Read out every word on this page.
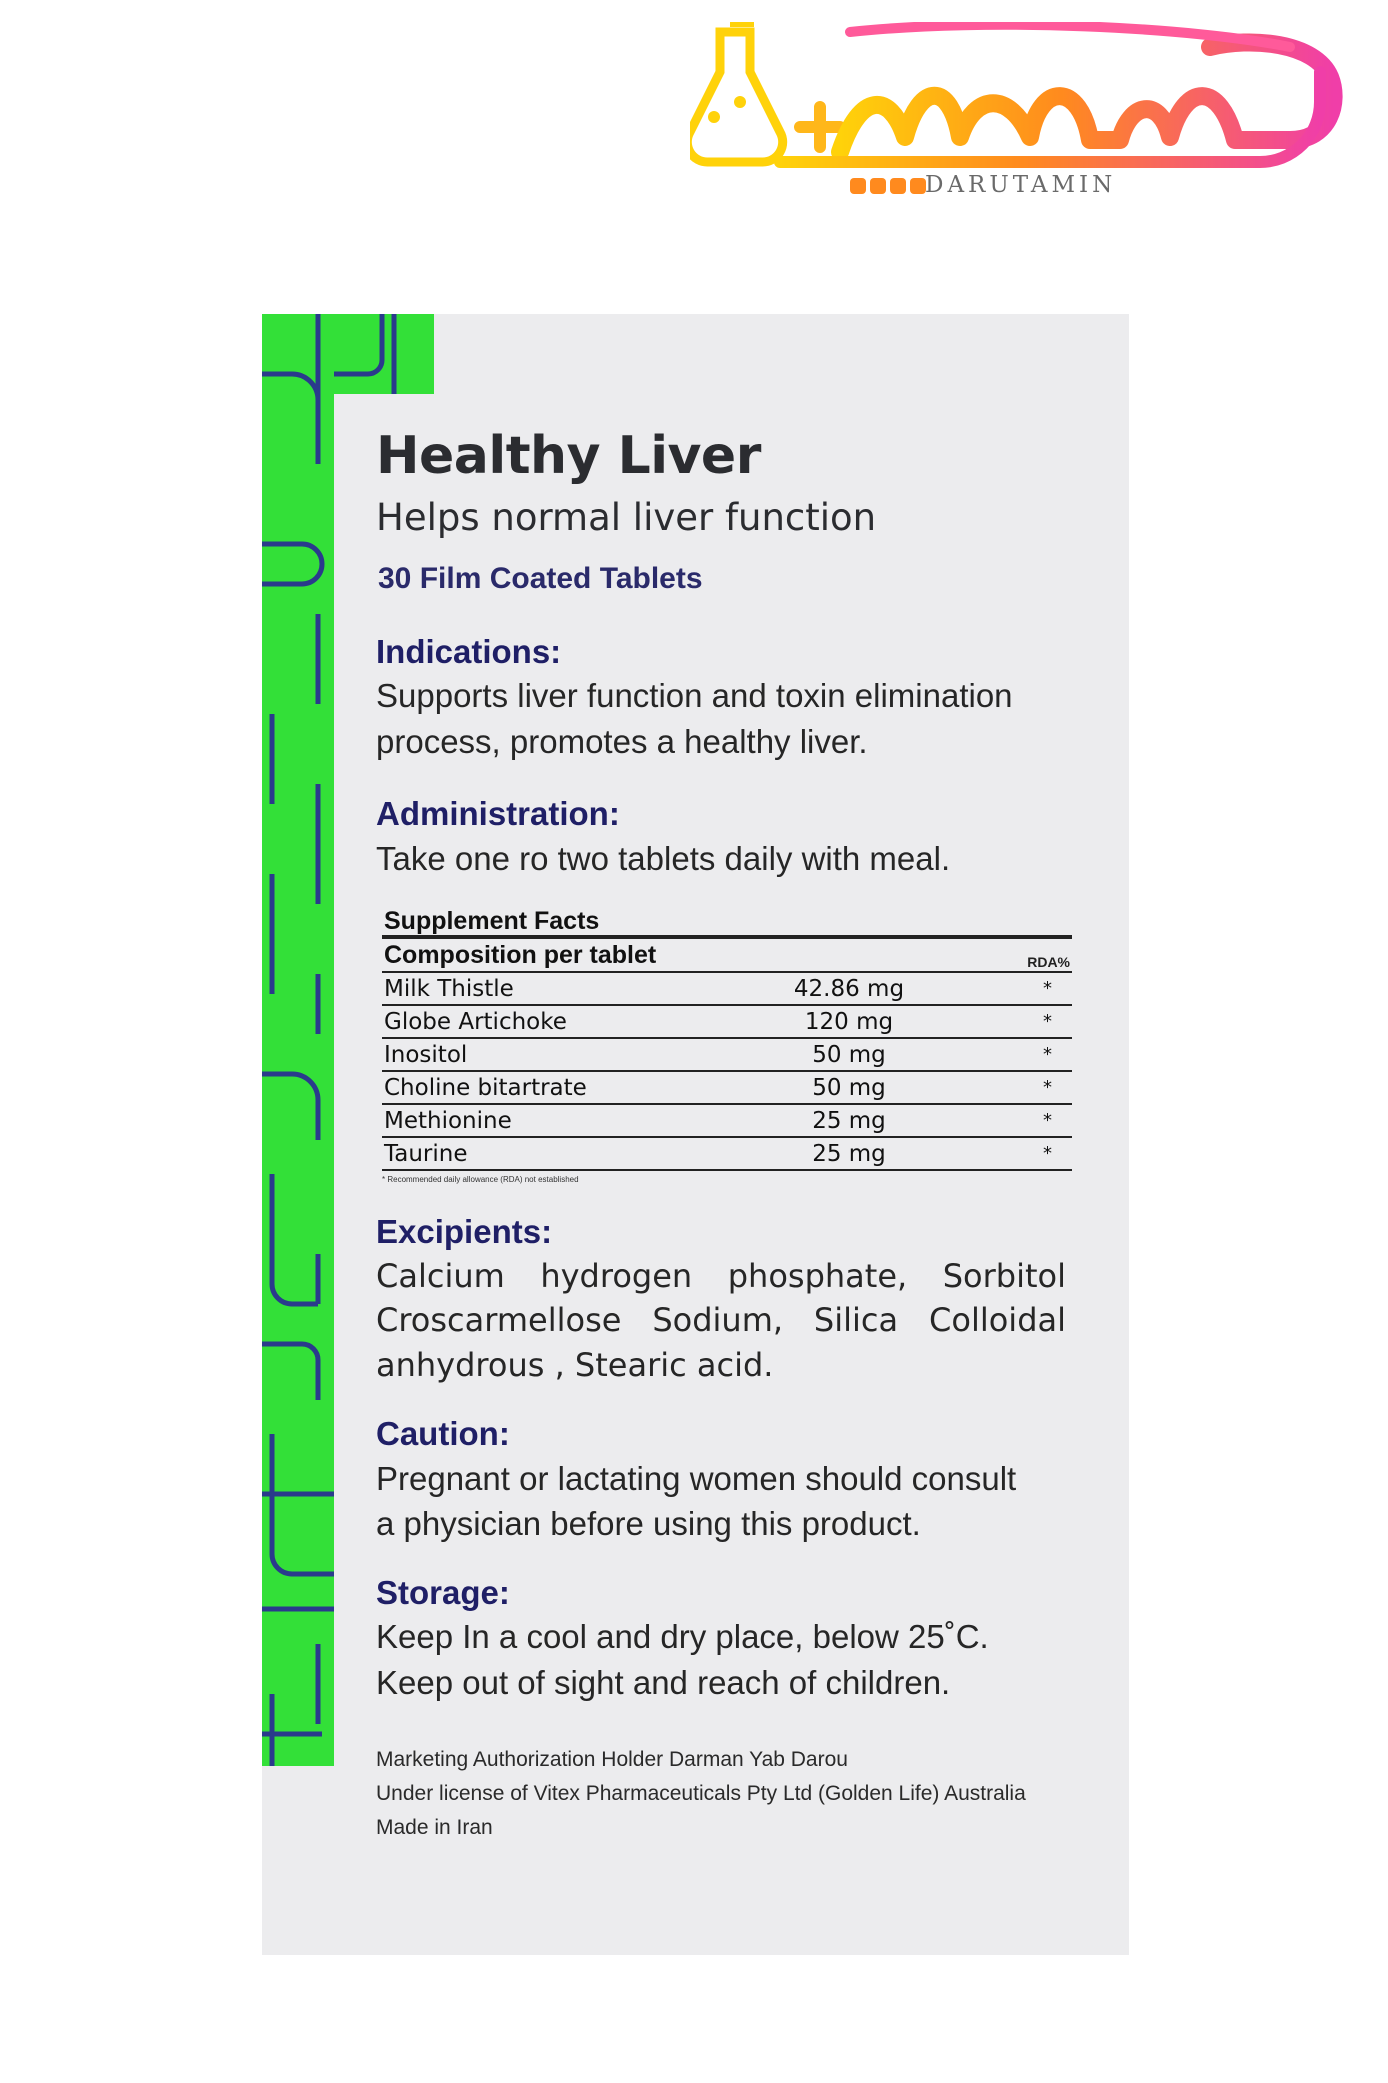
DARUTAMIN
Healthy Liver
Helps normal liver function
30 Film Coated Tablets
Indications:
Supports liver function and toxin elimination
process, promotes a healthy liver.
Administration:
Take one ro two tablets daily with meal.
Supplement Facts
Composition per tablet	RDA%
Milk Thistle	42.86 mg	*
Globe Artichoke	120 mg	*
Inositol	50 mg	*
Choline bitartrate	50 mg	*
Methionine	25 mg	*
Taurine	25 mg	*
* Recommended daily allowance (RDA) not established
Excipients:
Calcium hydrogen phosphate, Sorbitol
Croscarmellose Sodium, Silica Colloidal
anhydrous , Stearic acid.
Caution:
Pregnant or lactating women should consult
a physician before using this product.
Storage:
Keep In a cool and dry place, below 25˚C.
Keep out of sight and reach of children.
Marketing Authorization Holder Darman Yab Darou
Under license of Vitex Pharmaceuticals Pty Ltd (Golden Life) Australia
Made in Iran
